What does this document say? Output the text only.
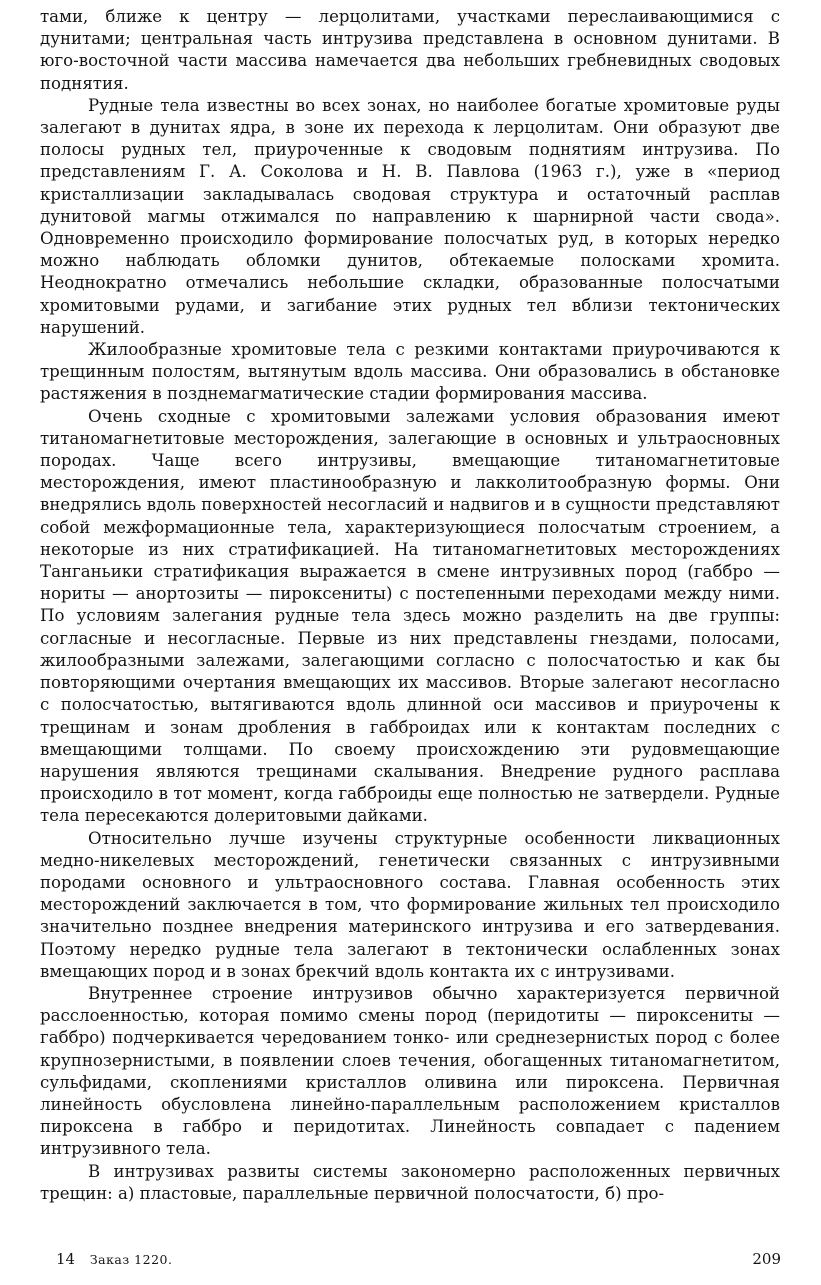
тами, ближе к центру — лерцолитами, участками переслаивающимися с дунитами; центральная часть интрузива представлена в основном дунитами. В юго-восточной части массива намечается два небольших гребневидных сводовых поднятия.

Рудные тела известны во всех зонах, но наиболее богатые хромитовые руды залегают в дунитах ядра, в зоне их перехода к лерцолитам. Они образуют две полосы рудных тел, приуроченные к сводовым поднятиям интрузива. По представлениям Г. А. Соколова и Н. В. Павлова (1963 г.), уже в «период кристаллизации закладывалась сводовая структура и остаточный расплав дунитовой магмы отжимался по направлению к шарнирной части свода». Одновременно происходило формирование полосчатых руд, в которых нередко можно наблюдать обломки дунитов, обтекаемые полосками хромита. Неоднократно отмечались небольшие складки, образованные полосчатыми хромитовыми рудами, и загибание этих рудных тел вблизи тектонических нарушений.

Жилообразные хромитовые тела с резкими контактами приурочиваются к трещинным полостям, вытянутым вдоль массива. Они образовались в обстановке растяжения в позднемагматические стадии формирования массива.

Очень сходные с хромитовыми залежами условия образования имеют титаномагнетитовые месторождения, залегающие в основных и ультраосновных породах. Чаще всего интрузивы, вмещающие титаномагнетитовые месторождения, имеют пластинообразную и лакколитообразную формы. Они внедрялись вдоль поверхностей несогласий и надвигов и в сущности представляют собой межформационные тела, характеризующиеся полосчатым строением, а некоторые из них стратификацией. На титаномагнетитовых месторождениях Танганьики стратификация выражается в смене интрузивных пород (габбро — нориты — анортозиты — пироксениты) с постепенными переходами между ними. По условиям залегания рудные тела здесь можно разделить на две группы: согласные и несогласные. Первые из них представлены гнездами, полосами, жилообразными залежами, залегающими согласно с полосчатостью и как бы повторяющими очертания вмещающих их массивов. Вторые залегают несогласно с полосчатостью, вытягиваются вдоль длинной оси массивов и приурочены к трещинам и зонам дробления в габброидах или к контактам последних с вмещающими толщами. По своему происхождению эти рудовмещающие нарушения являются трещинами скалывания. Внедрение рудного расплава происходило в тот момент, когда габброиды еще полностью не затвердели. Рудные тела пересекаются долеритовыми дайками.

Относительно лучше изучены структурные особенности ликвационных медно-никелевых месторождений, генетически связанных с интрузивными породами основного и ультраосновного состава. Главная особенность этих месторождений заключается в том, что формирование жильных тел происходило значительно позднее внедрения материнского интрузива и его затвердевания. Поэтому нередко рудные тела залегают в тектонически ослабленных зонах вмещающих пород и в зонах брекчий вдоль контакта их с интрузивами.

Внутреннее строение интрузивов обычно характеризуется первичной расслоенностью, которая помимо смены пород (перидотиты — пироксениты — габбро) подчеркивается чередованием тонко- или среднезернистых пород с более крупнозернистыми, в появлении слоев течения, обогащенных титаномагнетитом, сульфидами, скоплениями кристаллов оливина или пироксена. Первичная линейность обусловлена линейно-параллельным расположением кристаллов пироксена в габбро и перидотитах. Линейность совпадает с падением интрузивного тела.

В интрузивах развиты системы закономерно расположенных первичных трещин: а) пластовые, параллельные первичной полосчатости, б) про-

14 Заказ 1220.	209
